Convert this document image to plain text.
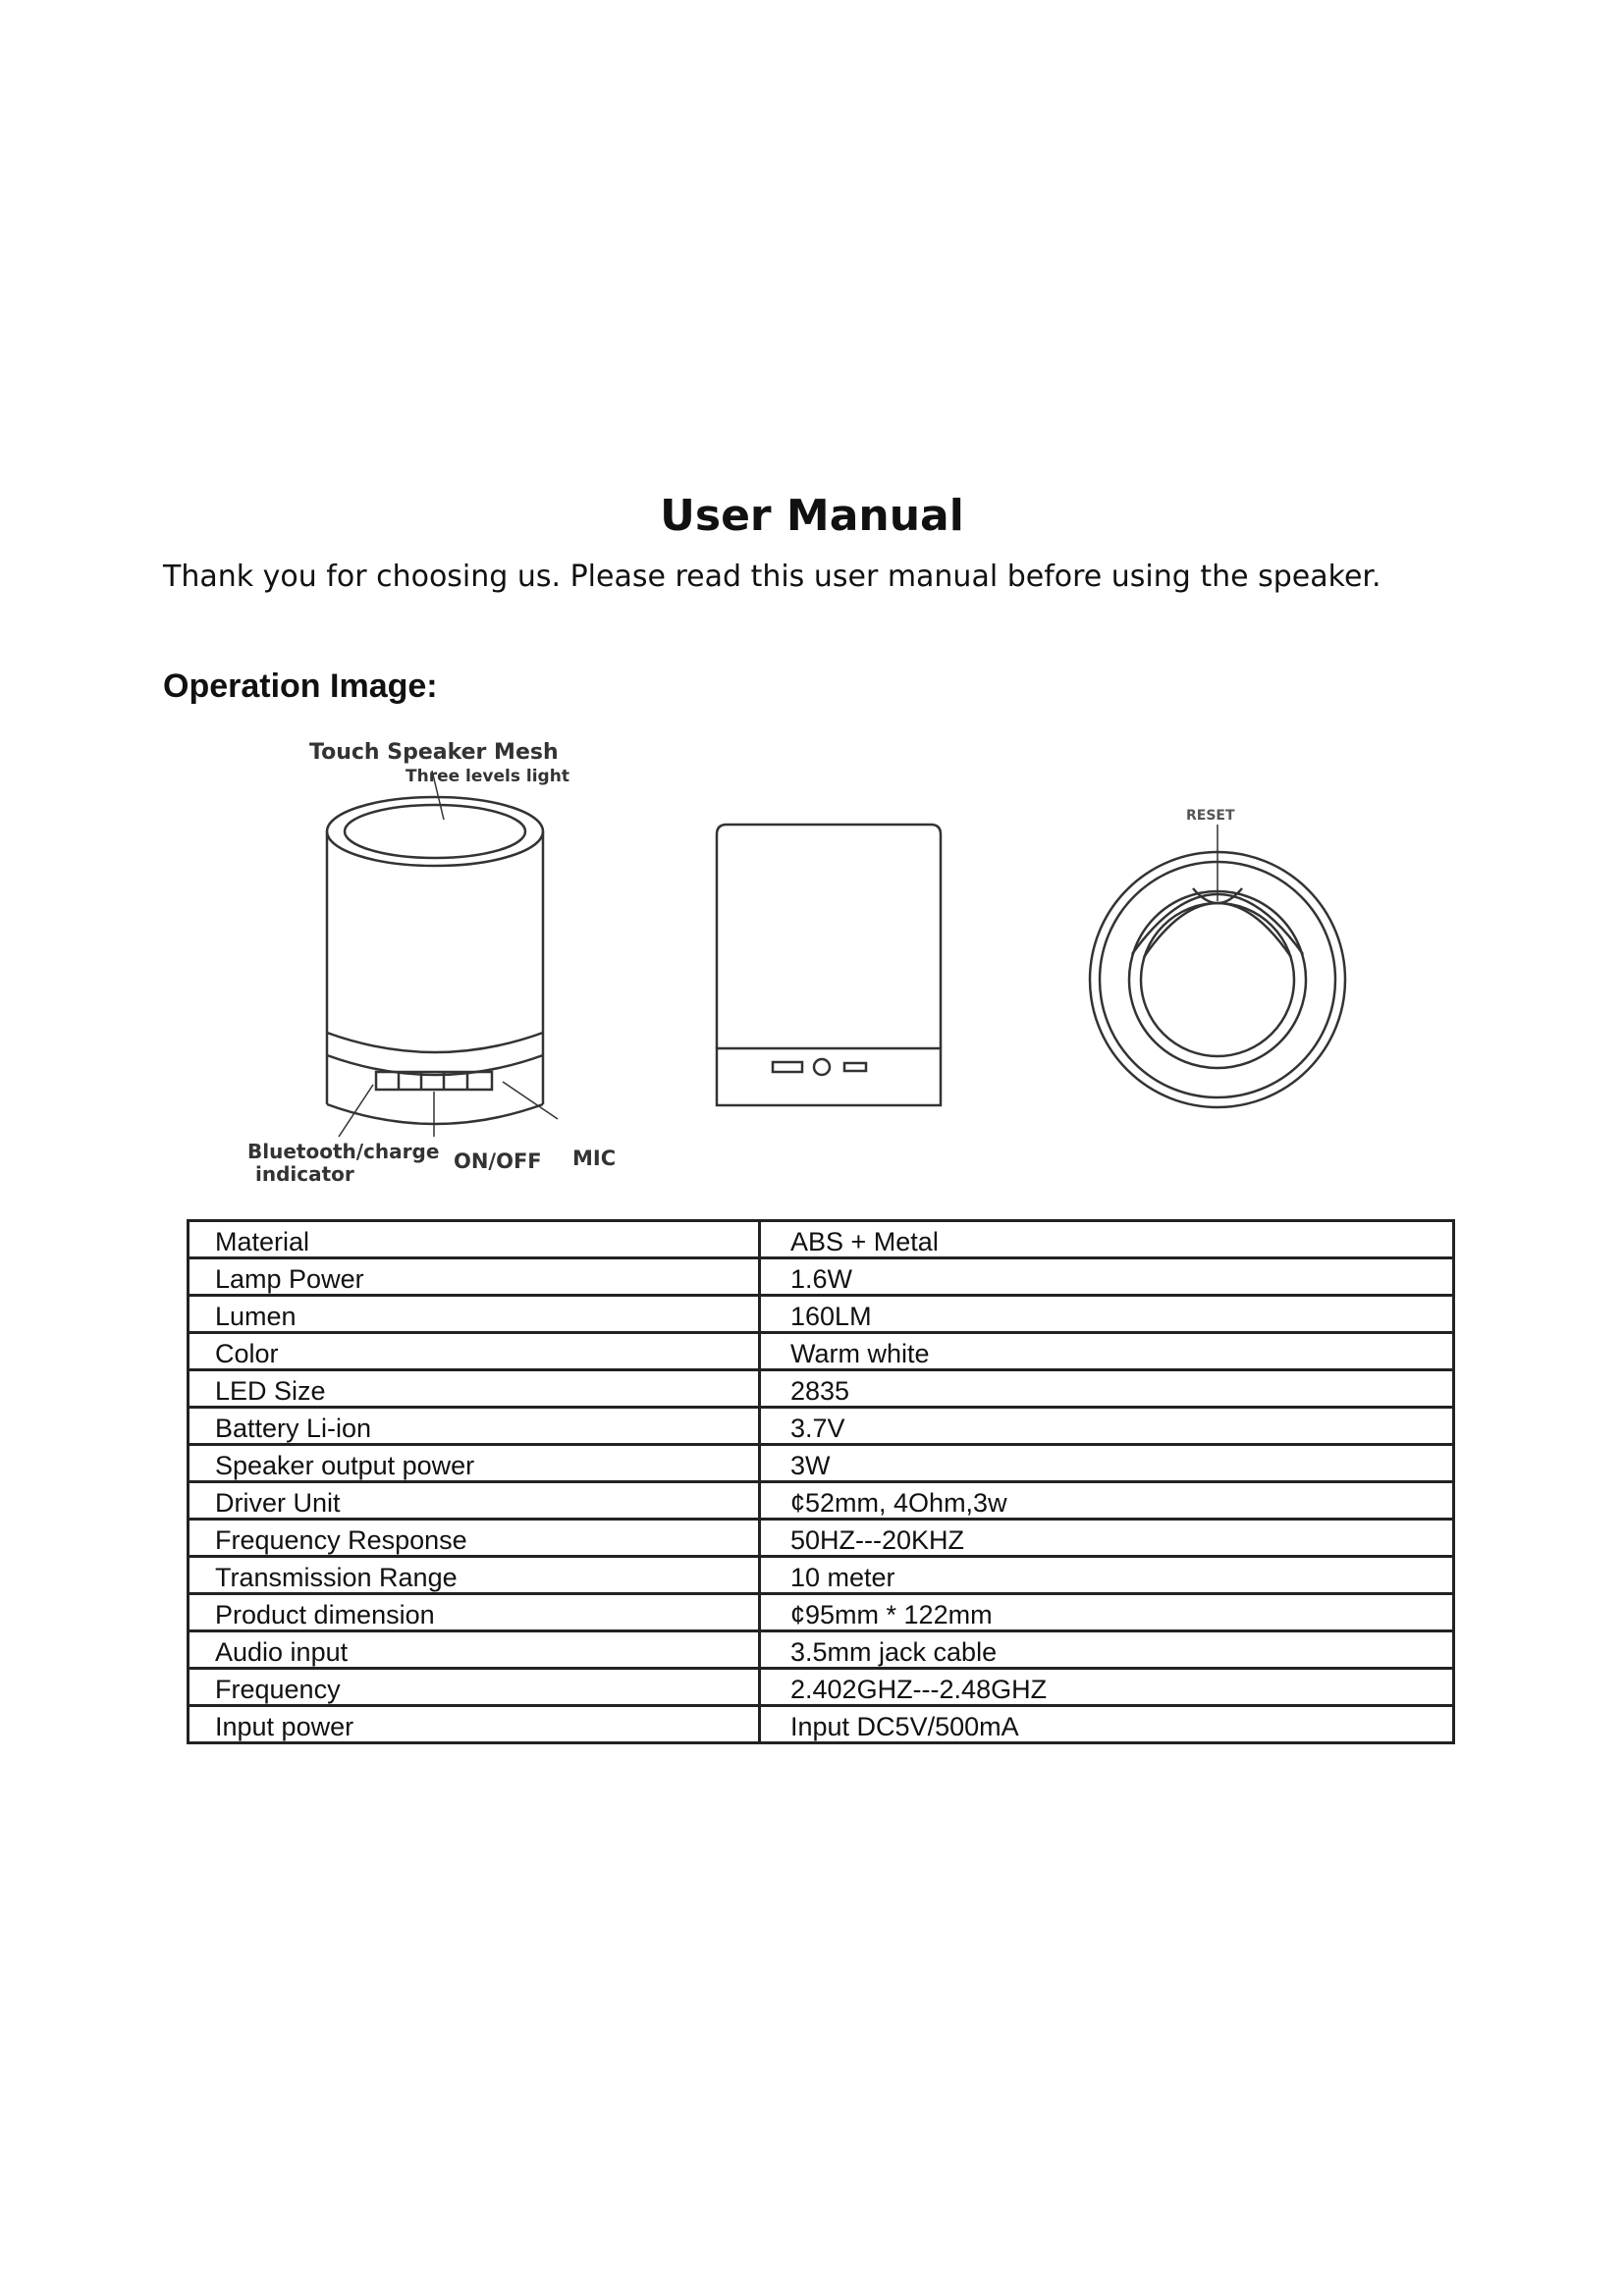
User Manual
Thank you for choosing us. Please read this user manual before using the speaker.
Operation Image:
Touch Speaker Mesh
Three levels light
Bluetooth/charge
indicator
ON/OFF MIC
RESET
Material	ABS + Metal
Lamp Power	1.6W
Lumen	160LM
Color	Warm white
LED Size	2835
Battery Li-ion	3.7V
Speaker output power	3W
Driver Unit	¢52mm, 4Ohm,3w
Frequency Response	50HZ---20KHZ
Transmission Range	10 meter
Product dimension	¢95mm * 122mm
Audio input	3.5mm jack cable
Frequency	2.402GHZ---2.48GHZ
Input power	Input DC5V/500mA
